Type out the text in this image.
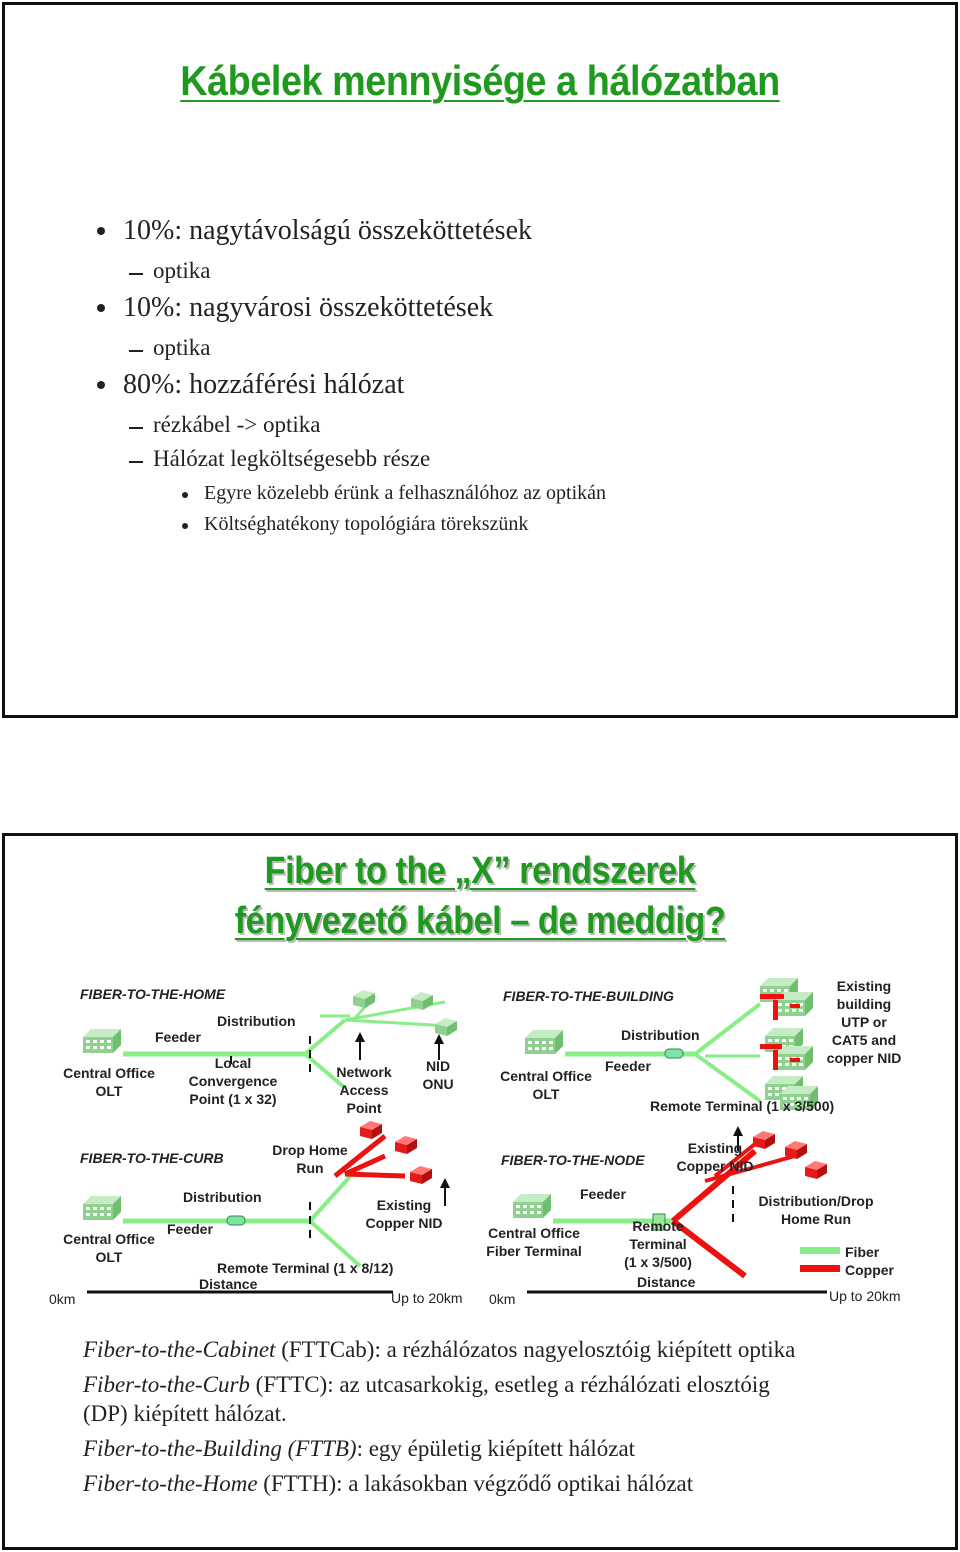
Kábelek mennyisége a hálózatban
10%: nagytávolságú összeköttetések
optika
10%: nagyvárosi összeköttetések
optika
80%: hozzáférési hálózat
rézkábel -> optika
Hálózat legköltségesebb része
Egyre közelebb érünk a felhasználóhoz az optikán
Költséghatékony topológiára törekszünk
Fiber to the „X” rendszerek
fényvezető kábel – de meddig?
FIBER-TO-THE-HOME
Feeder
Distribution
Central Office
OLT
Local
Convergence
Point (1 x 32)
Network
Access
Point
NID
ONU
FIBER-TO-THE-BUILDING
Distribution
Feeder
Central Office
OLT
Remote Terminal (1 x 3/500)
Existing
building
UTP or
CAT5 and
copper NID
FIBER-TO-THE-CURB	Drop Home
Run
Distribution
Feeder
Central Office
OLT
Existing
Copper NID
Remote Terminal (1 x 8/12)
Distance
0km	Up to 20km
FIBER-TO-THE-NODE
Existing
Copper NID
Feeder
Central Office
Fiber Terminal
Remote
Terminal
(1 x 3/500)
Distribution/Drop
Home Run
Fiber
Copper
Distance
0km	Up to 20km
Fiber-to-the-Cabinet (FTTCab): a rézhálózatos nagyelosztóig kiépített optika
Fiber-to-the-Curb (FTTC): az utcasarkokig, esetleg a rézhálózati elosztóig
(DP) kiépített hálózat.
Fiber-to-the-Building (FTTB): egy épületig kiépített hálózat
Fiber-to-the-Home (FTTH): a lakásokban végződő optikai hálózat
